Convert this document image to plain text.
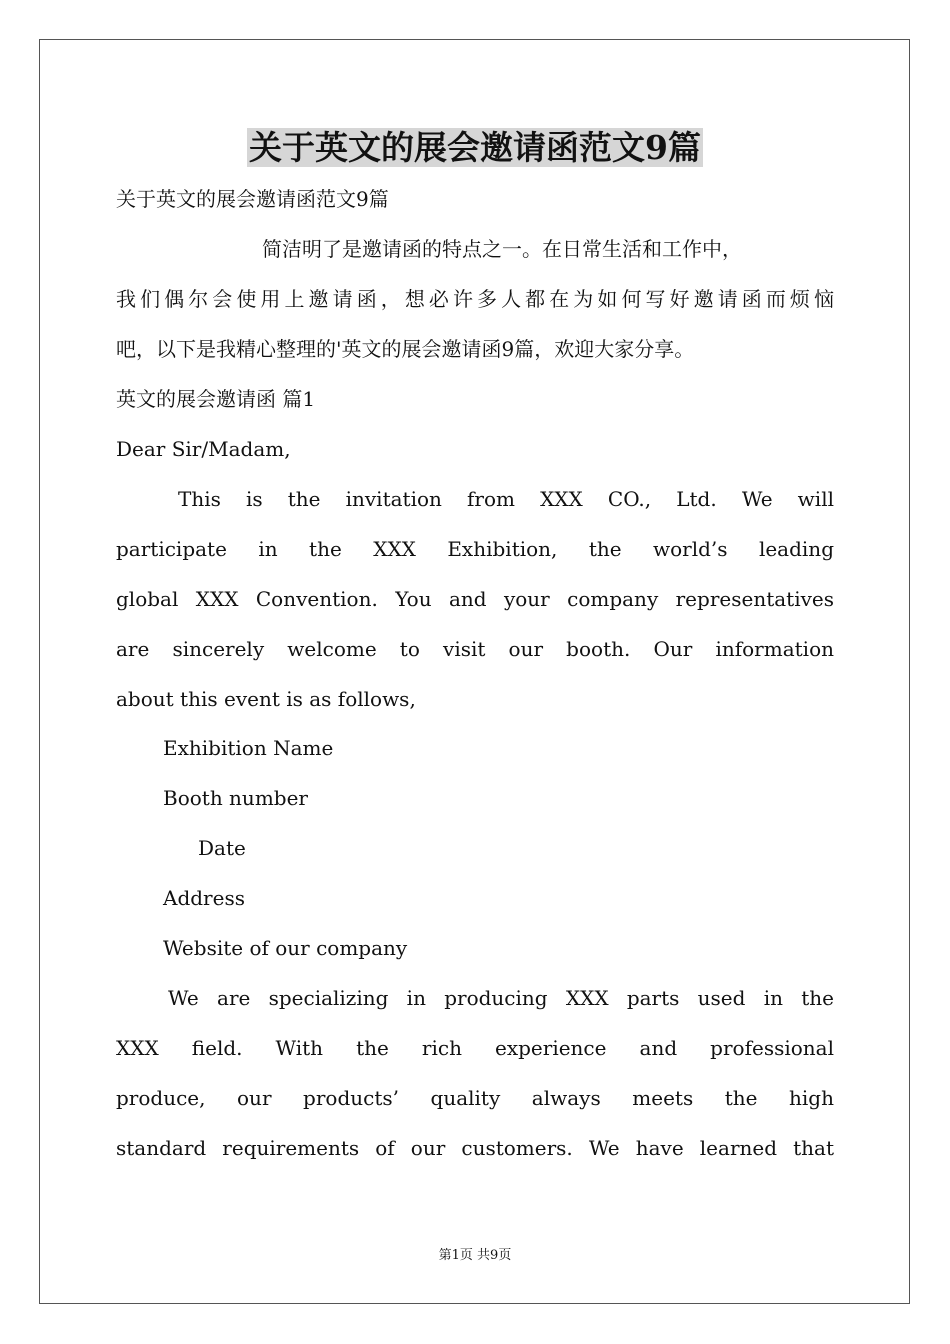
关于英文的展会邀请函范文9篇

关于英文的展会邀请函范文9篇

简洁明了是邀请函的特点之一。在日常生活和工作中，

我们偶尔会使用上邀请函，想必许多人都在为如何写好邀请函而烦恼

吧，以下是我精心整理的'英文的展会邀请函9篇，欢迎大家分享。

英文的展会邀请函 篇1

Dear Sir/Madam,

This is the invitation from XXX CO., Ltd. We will

participate in the XXX Exhibition, the world’s leading

global XXX Convention. You and your company representatives

are sincerely welcome to visit our booth. Our information

about this event is as follows,

Exhibition Name

Booth number

Date

Address

Website of our company

We are specializing in producing XXX parts used in the

XXX field. With the rich experience and professional

produce, our products’ quality always meets the high

standard requirements of our customers. We have learned that

第1页 共9页
